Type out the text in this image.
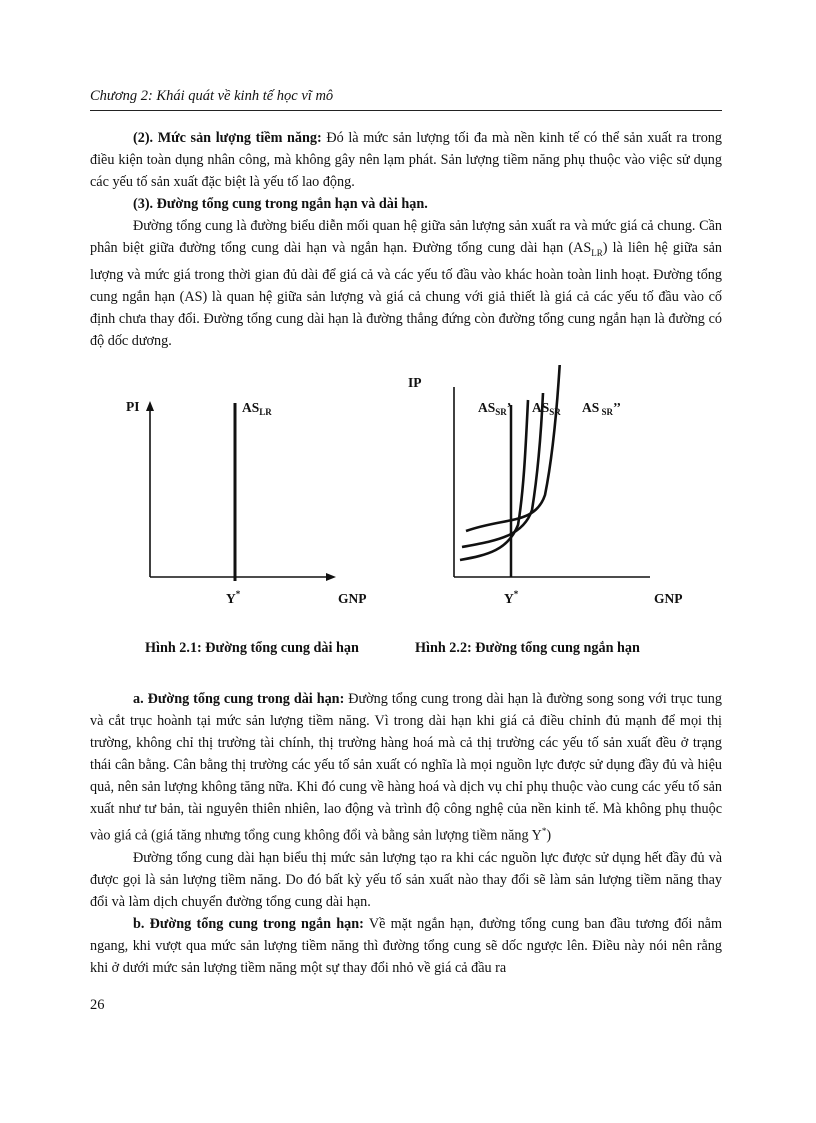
Chương 2: Khái quát về kinh tế học vĩ mô

(2). Mức sản lượng tiềm năng: Đó là mức sản lượng tối đa mà nền kinh tế có thể sản xuất ra trong điều kiện toàn dụng nhân công, mà không gây nên lạm phát. Sản lượng tiềm năng phụ thuộc vào việc sử dụng các yếu tố sản xuất đặc biệt là yếu tố lao động.

(3). Đường tổng cung trong ngắn hạn và dài hạn.

Đường tổng cung là đường biểu diễn mối quan hệ giữa sản lượng sản xuất ra và mức giá cả chung. Cần phân biệt giữa đường tổng cung dài hạn và ngắn hạn. Đường tổng cung dài hạn $(AS_{LR})$ là liên hệ giữa sản lượng và mức giá trong thời gian đủ dài để giá cả và các yếu tố đầu vào khác hoàn toàn linh hoạt. Đường tổng cung ngắn hạn (AS) là quan hệ giữa sản lượng và giá cả chung với giả thiết là giá cả các yếu tố đầu vào cố định chưa thay đổi. Đường tổng cung dài hạn là đường thẳng đứng còn đường tổng cung ngắn hạn là đường có độ dốc dương.

PI	$AS_{LR}$
Y*	GNP
IP
$AS_{SR}$’ $AS_{SR}$ AS $_{SR}$’’
Y*	GNP
Hình 2.1: Đường tổng cung dài hạn	Hình 2.2: Đường tổng cung ngắn hạn

a. Đường tổng cung trong dài hạn: Đường tổng cung trong dài hạn là đường song song với trục tung và cắt trục hoành tại mức sản lượng tiềm năng. Vì trong dài hạn khi giá cả điều chỉnh đủ mạnh để mọi thị trường, không chỉ thị trường tài chính, thị trường hàng hoá mà cả thị trường các yếu tố sản xuất đều ở trạng thái cân bằng. Cân bằng thị trường các yếu tố sản xuất có nghĩa là mọi nguồn lực được sử dụng đầy đủ và hiệu quả, nên sản lượng không tăng nữa. Khi đó cung về hàng hoá và dịch vụ chỉ phụ thuộc vào cung các yếu tố sản xuất như tư bản, tài nguyên thiên nhiên, lao động và trình độ công nghệ của nền kinh tế. Mà không phụ thuộc vào giá cả (giá tăng nhưng tổng cung không đổi và bằng sản lượng tiềm năng Y*)

Đường tổng cung dài hạn biểu thị mức sản lượng tạo ra khi các nguồn lực được sử dụng hết đầy đủ và được gọi là sản lượng tiềm năng. Do đó bất kỳ yếu tố sản xuất nào thay đổi sẽ làm sản lượng tiềm năng thay đổi và làm dịch chuyển đường tổng cung dài hạn.

b. Đường tổng cung trong ngắn hạn: Về mặt ngắn hạn, đường tổng cung ban đầu tương đối nằm ngang, khi vượt qua mức sản lượng tiềm năng thì đường tổng cung sẽ dốc ngược lên. Điều này nói nên rằng khi ở dưới mức sản lượng tiềm năng một sự thay đổi nhỏ về giá cả đầu ra

26
